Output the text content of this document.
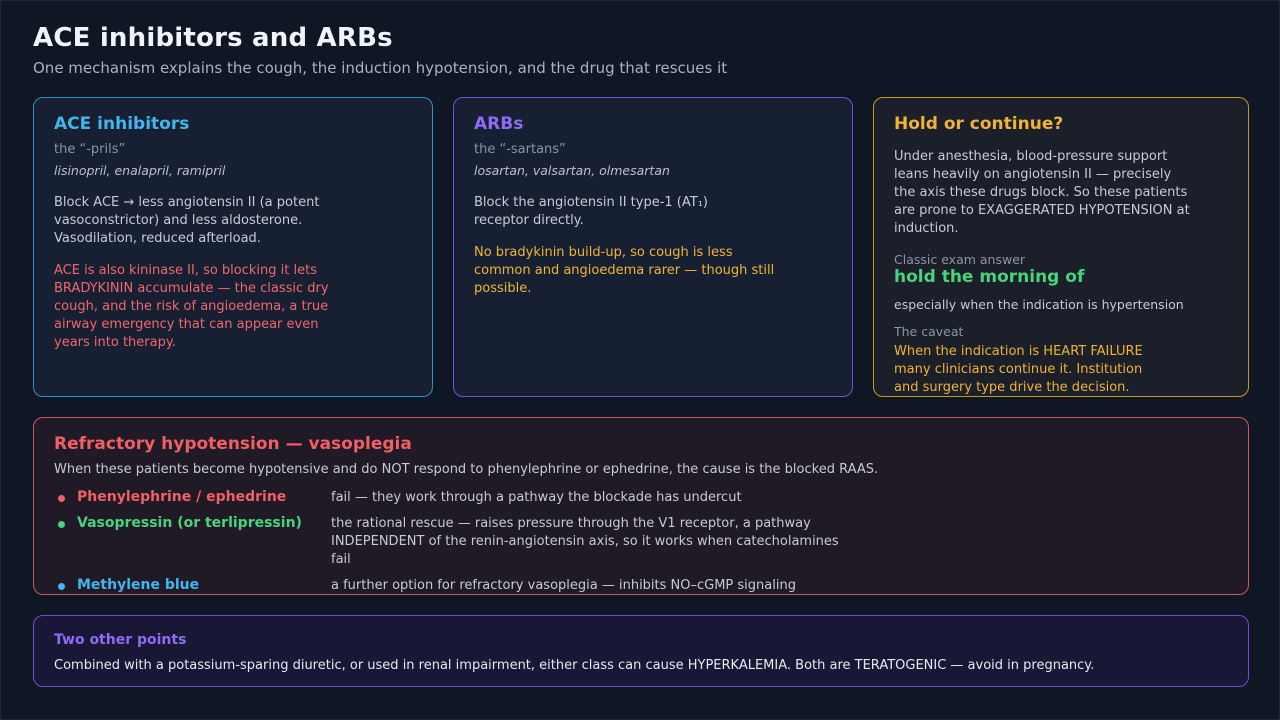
ACE inhibitors and ARBs
One mechanism explains the cough, the induction hypotension, and the drug that rescues it
ACE inhibitors
the “-prils”
lisinopril, enalapril, ramipril
Block ACE → less angiotensin II (a potent vasoconstrictor) and less aldosterone. Vasodilation, reduced afterload.
ACE is also kininase II, so blocking it lets BRADYKININ accumulate — the classic dry cough, and the risk of angioedema, a true airway emergency that can appear even years into therapy.
ARBs
the “-sartans”
losartan, valsartan, olmesartan
Block the angiotensin II type-1 (AT₁) receptor directly.
No bradykinin build-up, so cough is less common and angioedema rarer — though still possible.
Hold or continue?
Under anesthesia, blood-pressure support leans heavily on angiotensin II — precisely the axis these drugs block. So these patients are prone to EXAGGERATED HYPOTENSION at induction.
Classic exam answer
hold the morning of
especially when the indication is hypertension
The caveat
When the indication is HEART FAILURE many clinicians continue it. Institution and surgery type drive the decision.
Refractory hypotension — vasoplegia
When these patients become hypotensive and do NOT respond to phenylephrine or ephedrine, the cause is the blocked RAAS.
Phenylephrine / ephedrine	fail — they work through a pathway the blockade has undercut
Vasopressin (or terlipressin)	the rational rescue — raises pressure through the V1 receptor, a pathway INDEPENDENT of the renin-angiotensin axis, so it works when catecholamines fail
Methylene blue	a further option for refractory vasoplegia — inhibits NO–cGMP signaling
Two other points
Combined with a potassium-sparing diuretic, or used in renal impairment, either class can cause HYPERKALEMIA. Both are TERATOGENIC — avoid in pregnancy.
